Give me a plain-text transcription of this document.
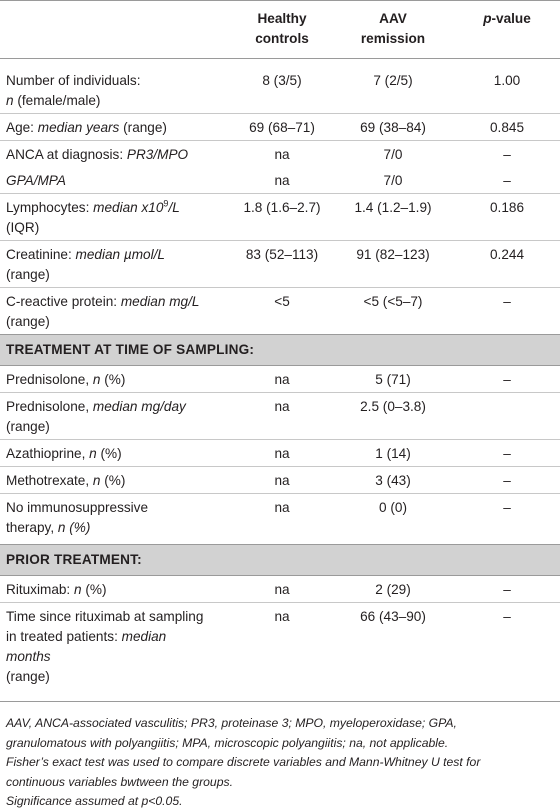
	Healthy
controls	AAV
remission	p-value
Number of individuals:
n (female/male)	8 (3/5)	7 (2/5)	1.00
Age: median years (range)	69 (68–71)	69 (38–84)	0.845
ANCA at diagnosis: PR3/MPO	na	7/0	–
GPA/MPA	na	7/0	–
Lymphocytes: median $x10^9/L$
(IQR)	1.8 (1.6–2.7)	1.4 (1.2–1.9)	0.186
Creatinine: median µmol/L
(range)	83 (52–113)	91 (82–123)	0.244
C-reactive protein: median mg/L
(range)	<5	<5 (<5–7)	–
TREATMENT AT TIME OF SAMPLING:			
Prednisolone, n (%)	na	5 (71)	–
Prednisolone, median mg/day
(range)	na	2.5 (0–3.8)	
Azathioprine, n (%)	na	1 (14)	–
Methotrexate, n (%)	na	3 (43)	–
No immunosuppressive
therapy, n (%)	na	0 (0)	–
PRIOR TREATMENT:			
Rituximab: n (%)	na	2 (29)	–
Time since rituximab at sampling
in treated patients: median
months
(range)	na	66 (43–90)	–
AAV, ANCA-associated vasculitis; PR3, proteinase 3; MPO, myeloperoxidase; GPA,
granulomatous with polyangiitis; MPA, microscopic polyangiitis; na, not applicable.
Fisher’s exact test was used to compare discrete variables and Mann-Whitney U test for
continuous variables bwtween the groups.
Significance assumed at p<0.05.
